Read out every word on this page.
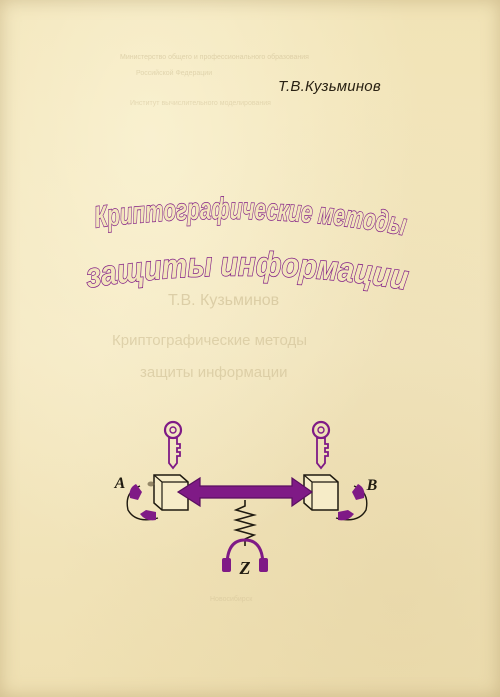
Министерство общего и профессионального образования
Российской Федерации
Институт вычислительного моделирования
Т.В. Кузьминов
Криптографические методы
защиты информации
Новосибирск

Т.В.Кузьминов

Криптографические методы
защиты информации
Z
A	B
